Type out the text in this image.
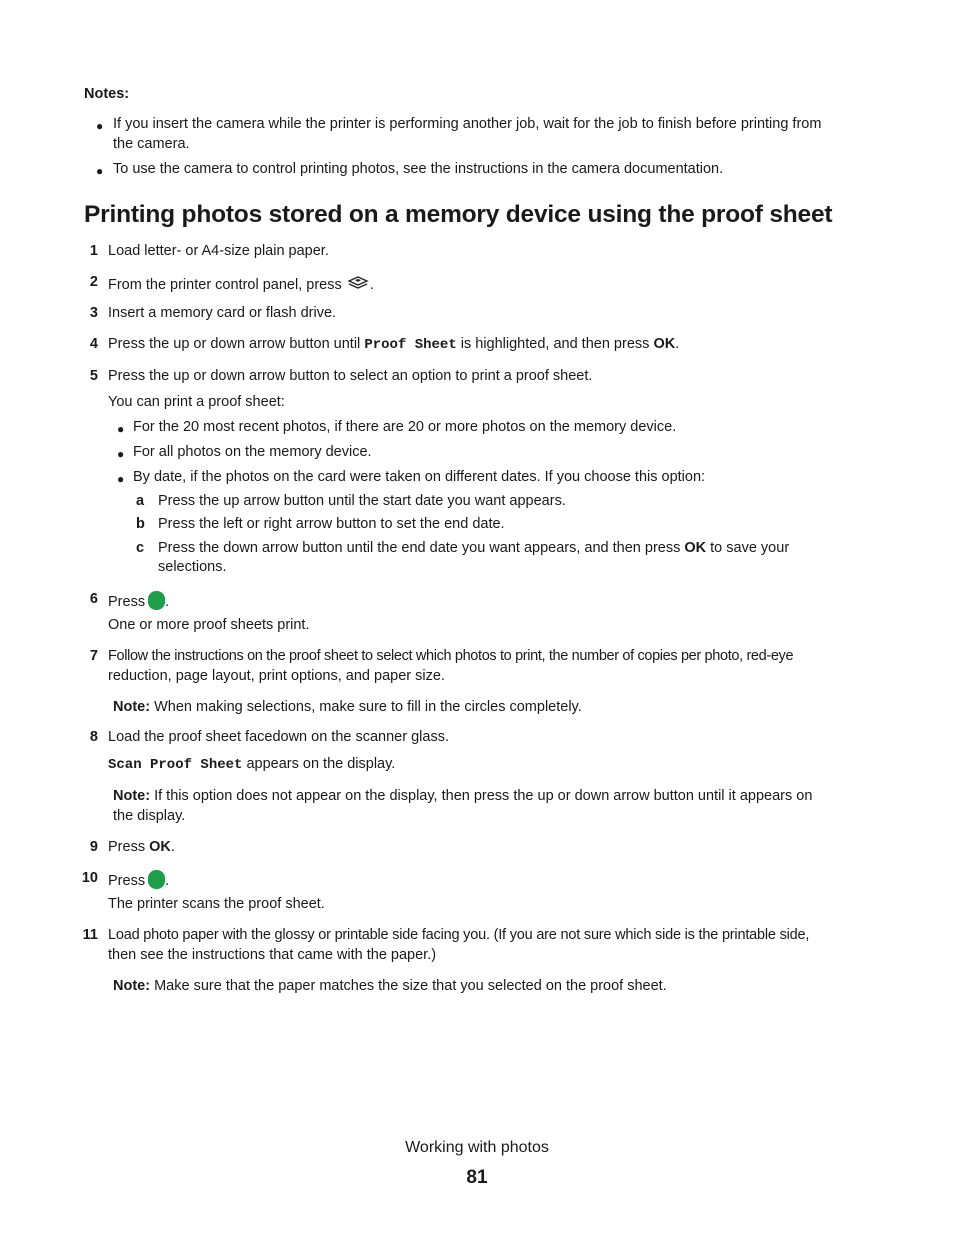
Notes:
● If you insert the camera while the printer is performing another job, wait for the job to finish before printing from
the camera.
● To use the camera to control printing photos, see the instructions in the camera documentation.
Printing photos stored on a memory device using the proof sheet
1 Load letter- or A4-size plain paper.
2 From the printer control panel, press .
3 Insert a memory card or flash drive.
4 Press the up or down arrow button until Proof Sheet is highlighted, and then press OK.
5 Press the up or down arrow button to select an option to print a proof sheet.
You can print a proof sheet:
● For the 20 most recent photos, if there are 20 or more photos on the memory device.
● For all photos on the memory device.
● By date, if the photos on the card were taken on different dates. If you choose this option:
a Press the up arrow button until the start date you want appears.
b Press the left or right arrow button to set the end date.
c Press the down arrow button until the end date you want appears, and then press OK to save your
selections.
6 Press .
One or more proof sheets print.
7 Follow the instructions on the proof sheet to select which photos to print, the number of copies per photo, red-eye
reduction, page layout, print options, and paper size.
Note: When making selections, make sure to fill in the circles completely.
8 Load the proof sheet facedown on the scanner glass.
Scan Proof Sheet appears on the display.
Note: If this option does not appear on the display, then press the up or down arrow button until it appears on
the display.
9 Press OK.
10 Press .
The printer scans the proof sheet.
11 Load photo paper with the glossy or printable side facing you. (If you are not sure which side is the printable side,
then see the instructions that came with the paper.)
Note: Make sure that the paper matches the size that you selected on the proof sheet.
Working with photos
81
